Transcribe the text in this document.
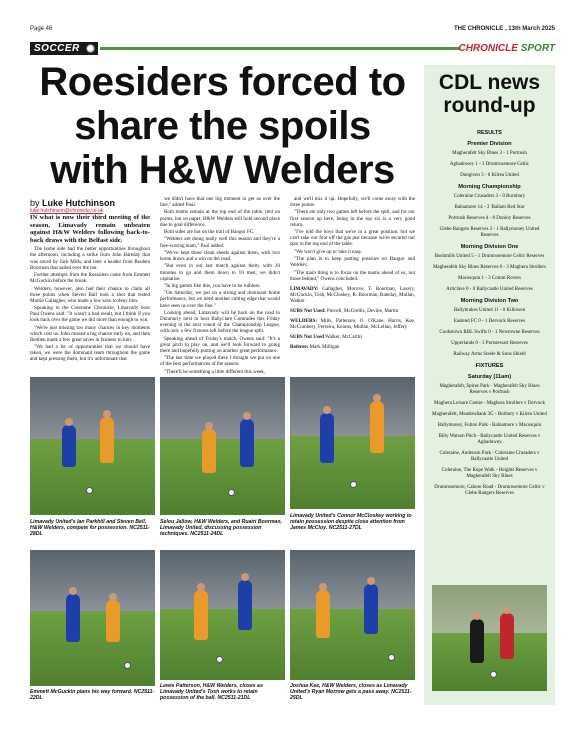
Page 46	THE CHRONICLE , 13th March 2025
SOCCER	CHRONICLE SPORT
Roesiders forced to share the spoils with H&W Welders
by Luke Hutchinson
luke.hutchinson@chronicle.co.uk

IN what is now their third meeting of the season, Limavady remain unbeaten against H&W Welders following back-to-back draws with the Belfast side.

The home side had the better opportunities throughout the afternoon, including a strike from John Bateday that was saved by Jack Mills, and later a header from Reuben Boorman that sailed over the bar.

Further attempts from the Roesiders came from Emmett McGuckin before the break.

Welders, however, also had their chance to claim all three points when Steven Ball took a shot that tested Martin Gallagher, who made a low save to deny him.

Speaking to the Coleraine Chronicle, Limavady boss Paul Owens said: "It wasn't a bad result, but I think if you look back over the game we did more than enough to win.

"We're just missing too many chances in key moments which cost us. John missed a big chance early on, and then Reuben made a few great saves in fairness to him.

"We had a lot of opportunities that we should have taken, we were the dominant team throughout the game and kept pressing them, but it's unfortunate that

we didn't have that one big moment to get us over the line," added Paul.

Both teams remain at the top end of the table, tied on points, but on paper, H&W Welders still hold second place due to goal difference.

Both sides are hot on the trail of Bangor FC.

"Welders are doing really well this season and they're a free-scoring team," Paul added.

"We've kept three clean sheets against them, with two home draws and a win on the road.

"But even in our last match against them, with 20 minutes to go and them down to 10 men, we didn't capitalise.

"In big games like this, you have to be ruthless.

"On Saturday, we put on a strong and dominant home performance, but we need another cutting edge that would have seen us over the line."

Looking ahead, Limavady will be back on the road to Dunmurry next to host Ballyclare Comrades this Friday evening in the next round of the Championship League, with only a few fixtures left before the league split.

Speaking ahead of Friday's match, Owens said: "It's a great pitch to play on, and we'll look forward to going there and hopefully putting on another great performance.

"The last time we played there I thought we put on one of the best performances of the season.

"There'll be something a little different this week,

and we'll mix it up. Hopefully, we'll come away with the three points.

"There are only two games left before the split, and for our first season up here, being in the top six is a very good return.

"I've told the boys that we're in a great position, but we can't take our foot off the gas just because we're secured our spot in the top end of the table.

"We won't give up or take it easy.

"The plan is to keep putting pressure on Bangor and Welders.

"The main thing is to focus on the teams ahead of us, not those behind," Owens concluded.

LIMAVADY: Gallagher, Morrow, T. Boorman, Lavery, McGuckin, Tosh, McCloskey, R. Boorman, Bateday, Mullan, Walker

SUBS Not Used: Purcell, McGrellis, Devine, Martin

WELDERS: Mills, Patterson, O. O'Kane, Harris, Kee, McCombery, Ferreira, Kearns, Mullan, McLellan, Jeffery

SUBS Not Used Walker, McCarthy

Referee: Mark Milligan

Limavady United's Ian Parkhill and Steven Bell, H&W Welders, compete for possession. NC2511-28DL
Selou Jallow, H&W Welders, and Ruairi Boorman, Limavady United, discussing possession techniques. NC2511-24DL
Limavady United's Connor McCloskey working to retain possession despite close attention from James McCloy. NC2511-27DL
Emmett McGuckin plans his way forward. NC2511-22DL
Lewis Patterson, H&W Welders, closes as Limavady United's Tosh works to retain possession of the ball. NC2511-21DL
Joshua Kee, H&W Welders, closes as Limavady United's Ryan Morrow gets a pass away. NC2511-25DL
CDL news round-up
RESULTS
Premier Division
Magherafelt Sky Blues 3 - 1 Portrush
Aghadowey 1 - 1 Drumrosemore Celtic
Dungiven 3 - 0 Kilrea United
Morning Championship
Coleraine Crusaders 3 - 0 Burnbury
Balnamore 14 - 3 'Ballam Red Star
Portrush Reserves 4 - 8 Donloy Reserves
Glebe Rangers Reserves 2 - 1 Ballymoney United Reserves
Morning Division One
Bushmills United 5 - 1 Drumrosemore Celtic Reserves
Magherafelt Sky Blues Reserves 0 - 3 Maghera Strollers
Macosquin 1 - 3 Comm Rovers
Articlave 0 - 0 Ballycastle United Reserves
Morning Division Two
Ballybrakes United 11 - 0 Killowen
Eastend FC 0 - 1 Dervock Reserves
Cookstown RBL Swifts 0 - 1 Newtowne Reserves
Upperlands 0 - 3 Portstewart Reserves
Railway Arms Steele & Sons Shield
FIXTURES
Saturday (11am)
Magherafelt, Spires Park - Magherafelt Sky Blues Reserves v Portrush
Maghera Leisure Centre - Maghera Strollers v Dervock
Magherafelt, Meadowbank 3G - Burbury v Kilrea United
Ballymoney, Fulton Park - Balnamore v Macosquin
Billy Watson Pitch - Ballycastle United Reserves v Aghadowey
Coleraine, Anderson Park - Coleraine Crusaders v Ballycastle United
Coleraine, The Rope Walk - Heights Reserves v Magherafelt Sky Blues
Drumrosemore, Cahore Road - Drumrosemore Celtic v Glebe Rangers Reserves
